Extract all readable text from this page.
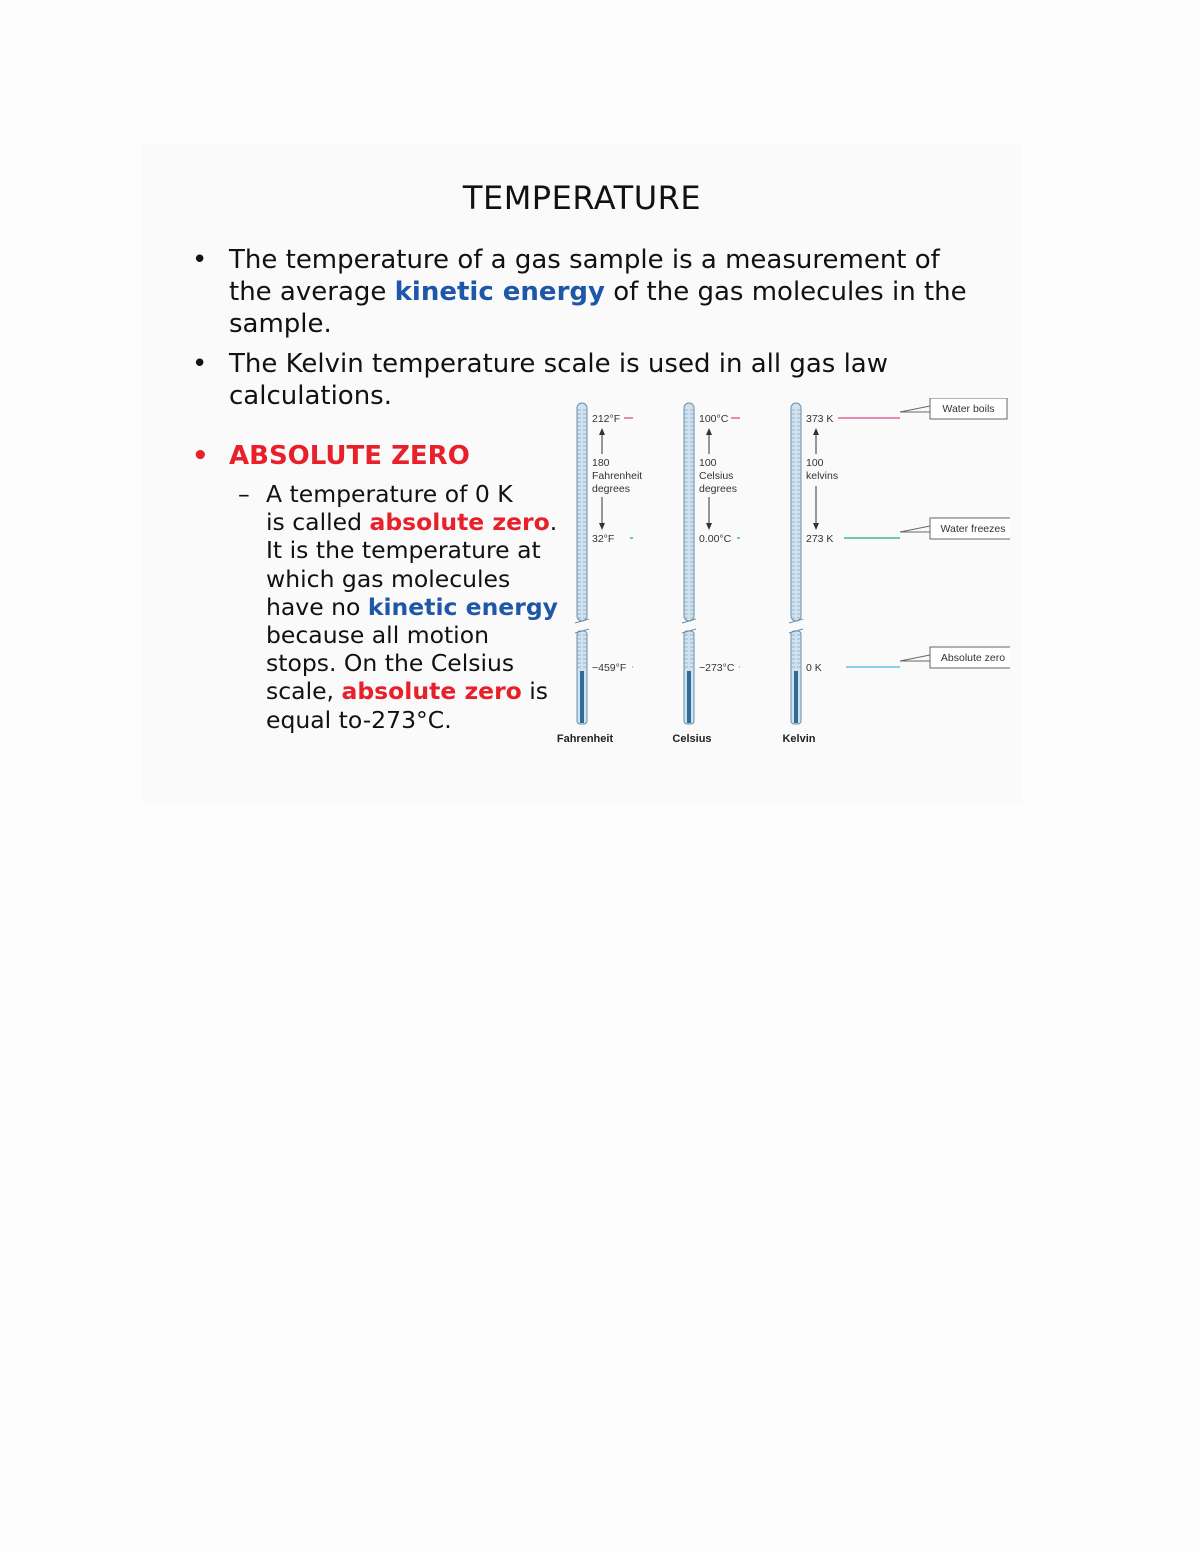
TEMPERATURE
• The temperature of a gas sample is a measurement of
the average kinetic energy of the gas molecules in the
sample.
• The Kelvin temperature scale is used in all gas law
calculations.
• ABSOLUTE ZERO
– A temperature of 0 K
is called absolute zero.
It is the temperature at
which gas molecules
have no kinetic energy
because all motion
stops. On the Celsius
scale, absolute zero is
equal to-273°C.
212°F
32°F
−459°F
180
Fahrenheit
degrees
Fahrenheit
100°C
0.00°C
−273°C
100
Celsius
degrees
Celsius
373 K
273 K
0 K
100
kelvins
Kelvin
Water boils
Water freezes
Absolute zero
